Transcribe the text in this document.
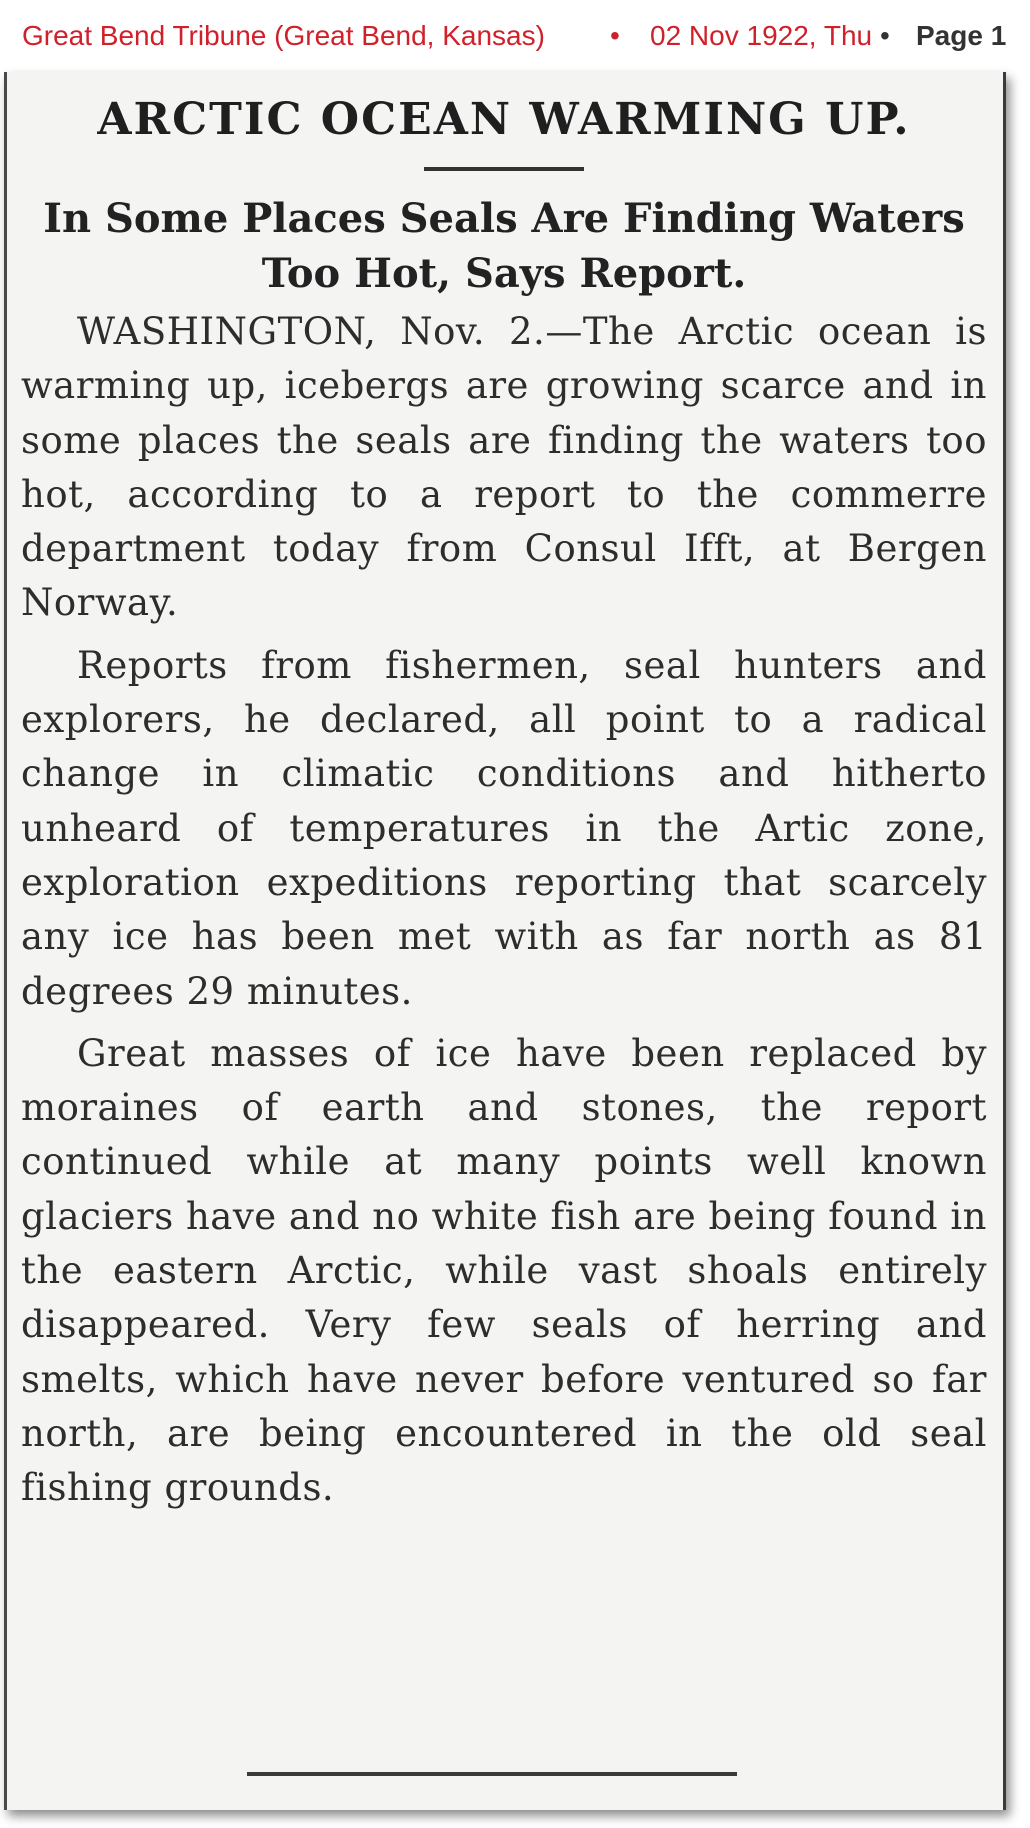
Great Bend Tribune (Great Bend, Kansas) • 02 Nov 1922, Thu • Page 1
ARCTIC OCEAN WARMING UP.
In Some Places Seals Are Finding Waters Too Hot, Says Report.

WASHINGTON, Nov. 2.—The Arctic ocean is warming up, icebergs are growing scarce and in some places the seals are finding the waters too hot, according to a report to the commerre department today from Consul Ifft, at Bergen Norway.

Reports from fishermen, seal hunters and explorers, he declared, all point to a radical change in climatic conditions and hitherto unheard of temperatures in the Artic zone, exploration expeditions reporting that scarcely any ice has been met with as far north as 81 degrees 29 minutes.

Great masses of ice have been replaced by moraines of earth and stones, the report continued while at many points well known glaciers have and no white fish are being found in the eastern Arctic, while vast shoals entirely disappeared. Very few seals of herring and smelts, which have never before ventured so far north, are being encountered in the old seal fishing grounds.
